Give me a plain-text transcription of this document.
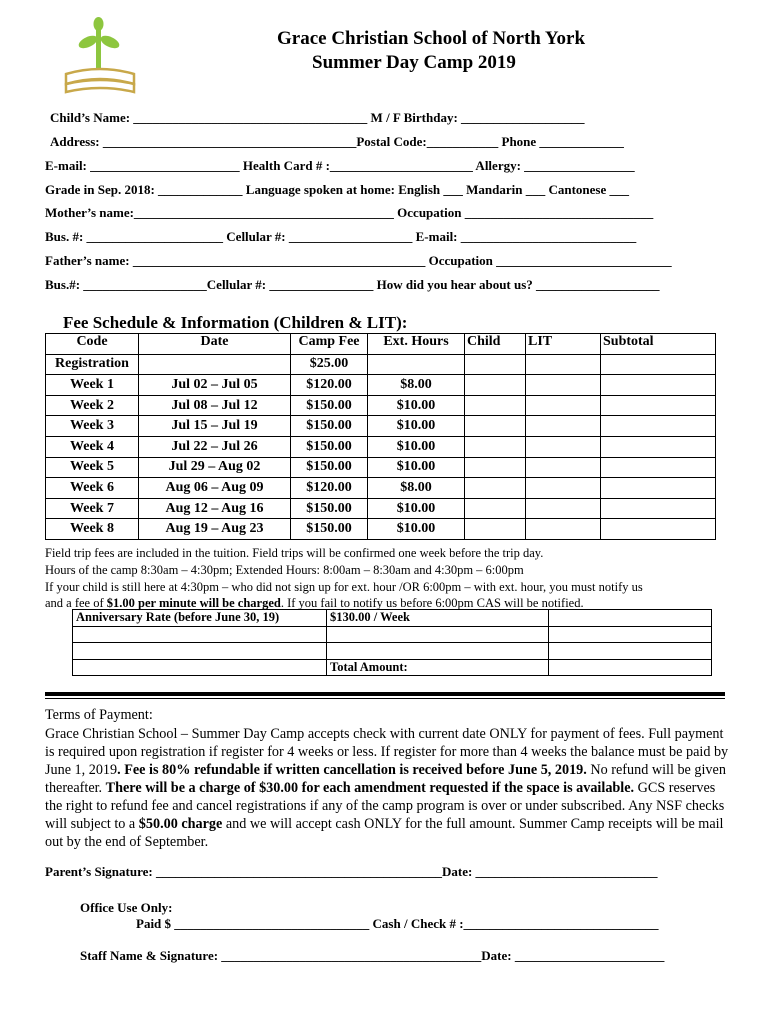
Grace Christian School of North York
Summer Day Camp 2019
Child’s Name: ____________________________________ M / F Birthday: ___________________
Address: _______________________________________Postal Code:___________ Phone _____________
E-mail: _______________________ Health Card # :______________________ Allergy: _________________
Grade in Sep. 2018: _____________ Language spoken at home: English ___ Mandarin ___ Cantonese ___
Mother’s name:________________________________________ Occupation _____________________________
Bus. #: _____________________ Cellular #: ___________________ E-mail: ___________________________
Father’s name: _____________________________________________ Occupation ___________________________
Bus.#: ___________________Cellular #: ________________ How did you hear about us? ___________________
Fee Schedule & Information (Children & LIT):
Code	Date	Camp Fee	Ext. Hours	Child	LIT	Subtotal
Registration		$25.00				
Week 1	Jul 02 – Jul 05	$120.00	$8.00			
Week 2	Jul 08 – Jul 12	$150.00	$10.00			
Week 3	Jul 15 – Jul 19	$150.00	$10.00			
Week 4	Jul 22 – Jul 26	$150.00	$10.00			
Week 5	Jul 29 – Aug 02	$150.00	$10.00			
Week 6	Aug 06 – Aug 09	$120.00	$8.00			
Week 7	Aug 12 – Aug 16	$150.00	$10.00			
Week 8	Aug 19 – Aug 23	$150.00	$10.00			
Field trip fees are included in the tuition. Field trips will be confirmed one week before the trip day.
Hours of the camp 8:30am – 4:30pm; Extended Hours: 8:00am – 8:30am and 4:30pm – 6:00pm
If your child is still here at 4:30pm – who did not sign up for ext. hour /OR 6:00pm – with ext. hour, you must notify us
and a fee of $1.00 per minute will be charged. If you fail to notify us before 6:00pm CAS will be notified.
Anniversary Rate (before June 30, 19)	$130.00 / Week	

	Total Amount:	
Terms of Payment:
Grace Christian School – Summer Day Camp accepts check with current date ONLY for payment of fees. Full payment is required upon registration if register for 4 weeks or less. If register for more than 4 weeks the balance must be paid by June 1, 2019. Fee is 80% refundable if written cancellation is received before June 5, 2019. No refund will be given thereafter. There will be a charge of $30.00 for each amendment requested if the space is available. GCS reserves the right to refund fee and cancel registrations if any of the camp program is over or under subscribed. Any NSF checks will subject to a $50.00 charge and we will accept cash ONLY for the full amount. Summer Camp receipts will be mail out by the end of September.
Parent’s Signature: ____________________________________________Date: ____________________________
Office Use Only:
Paid $ ______________________________ Cash / Check # :______________________________
Staff Name & Signature: ________________________________________Date: _______________________
